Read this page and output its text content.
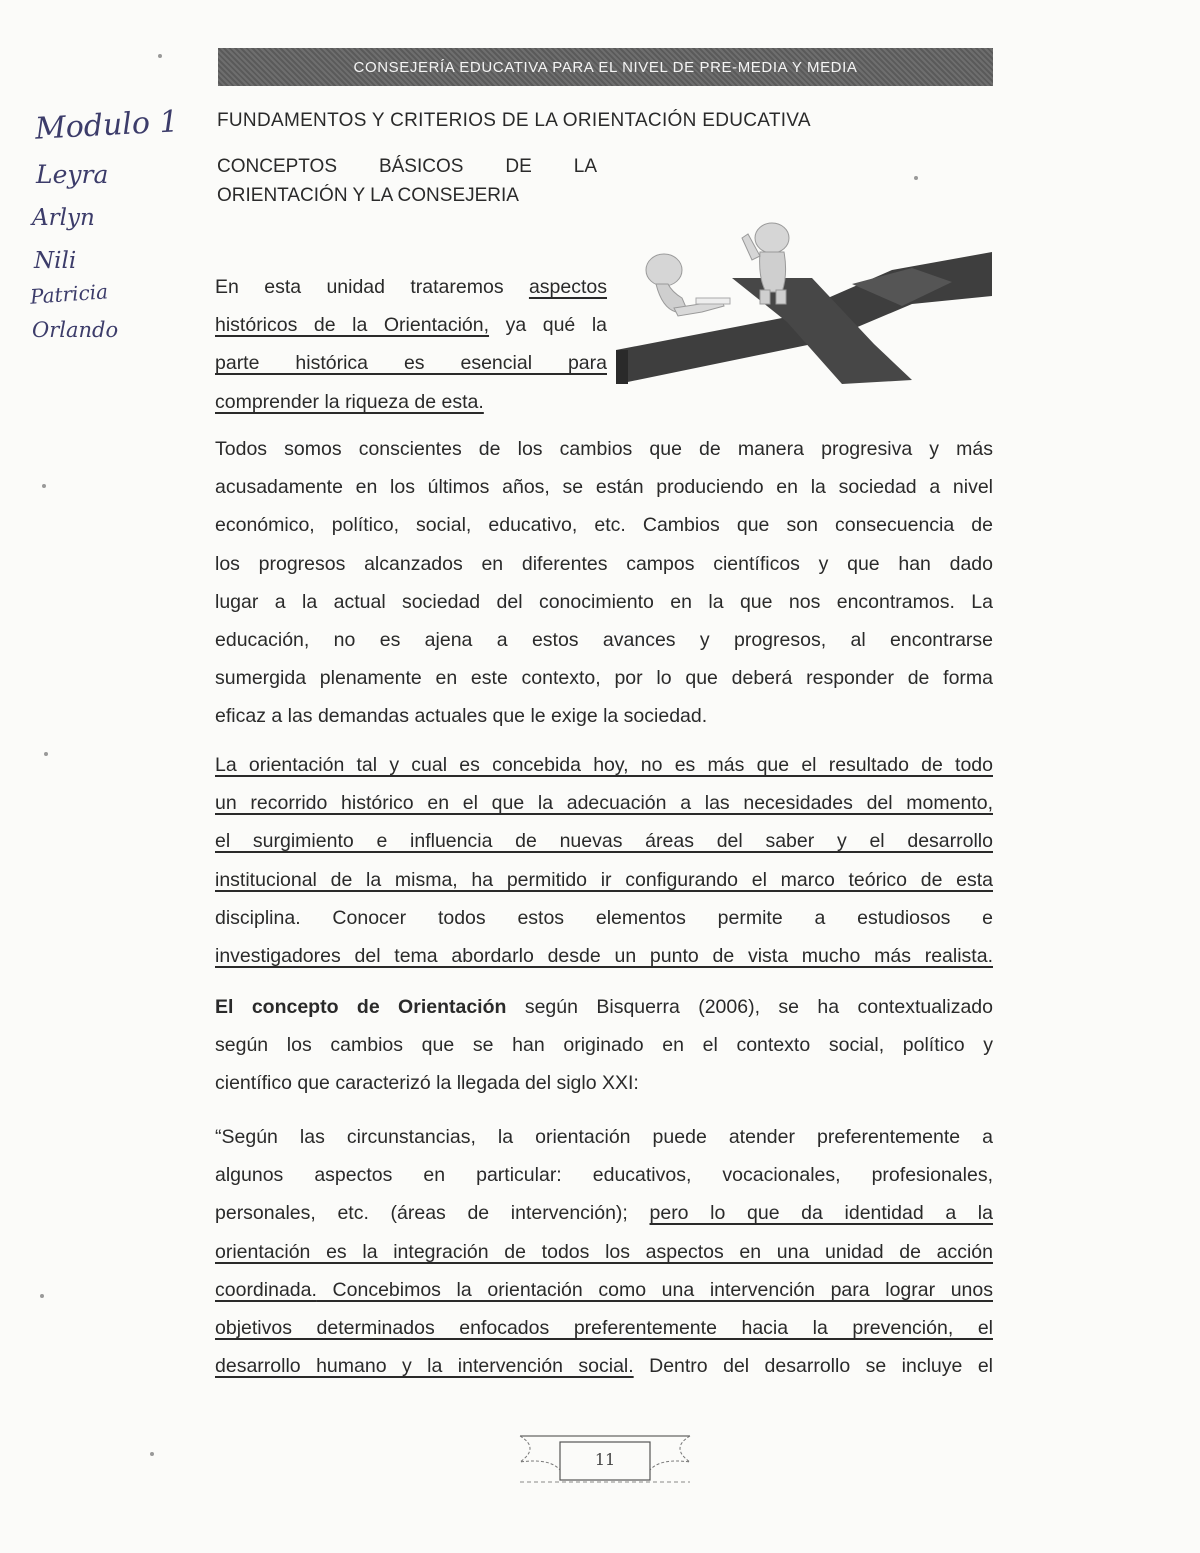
CONSEJERÍA EDUCATIVA PARA EL NIVEL DE PRE-MEDIA Y MEDIA
Modulo 1
Leyra
Arlyn
Nili
Patricia
Orlando
FUNDAMENTOS Y CRITERIOS DE LA ORIENTACIÓN EDUCATIVA
CONCEPTOS BÁSICOS DE LA
ORIENTACIÓN Y LA CONSEJERIA
En esta unidad trataremos aspectos
históricos de la Orientación, ya qué la
parte histórica es esencial para
comprender la riqueza de esta.
Todos somos conscientes de los cambios que de manera progresiva y más
acusadamente en los últimos años, se están produciendo en la sociedad a nivel
económico, político, social, educativo, etc. Cambios que son consecuencia de
los progresos alcanzados en diferentes campos científicos y que han dado
lugar a la actual sociedad del conocimiento en la que nos encontramos. La
educación, no es ajena a estos avances y progresos, al encontrarse
sumergida plenamente en este contexto, por lo que deberá responder de forma
eficaz a las demandas actuales que le exige la sociedad.
La orientación tal y cual es concebida hoy, no es más que el resultado de todo
un recorrido histórico en el que la adecuación a las necesidades del momento,
el surgimiento e influencia de nuevas áreas del saber y el desarrollo
institucional de la misma, ha permitido ir configurando el marco teórico de esta
disciplina. Conocer todos estos elementos permite a estudiosos e
investigadores del tema abordarlo desde un punto de vista mucho más realista.
El concepto de Orientación según Bisquerra (2006), se ha contextualizado
según los cambios que se han originado en el contexto social, político y
científico que caracterizó la llegada del siglo XXI:
“Según las circunstancias, la orientación puede atender preferentemente a
algunos aspectos en particular: educativos, vocacionales, profesionales,
personales, etc. (áreas de intervención); pero lo que da identidad a la
orientación es la integración de todos los aspectos en una unidad de acción
coordinada. Concebimos la orientación como una intervención para lograr unos
objetivos determinados enfocados preferentemente hacia la prevención, el
desarrollo humano y la intervención social. Dentro del desarrollo se incluye el
11
